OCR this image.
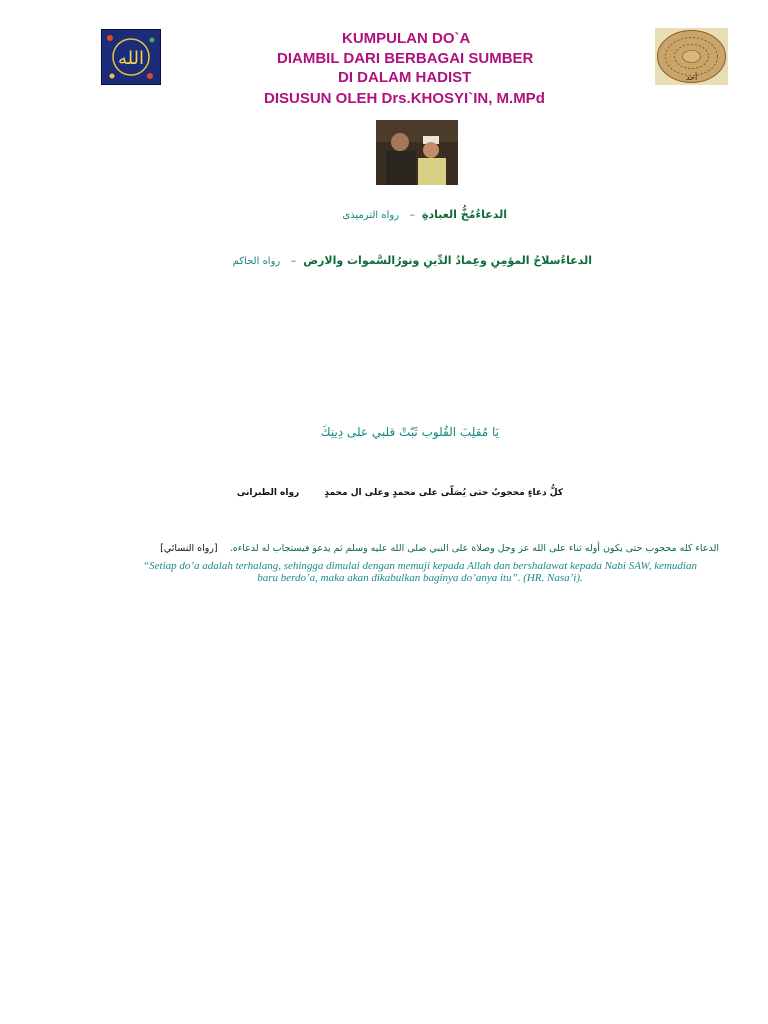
الله
أحد
KUMPULAN DO`A
DIAMBIL DARI BERBAGAI SUMBER
DI DALAM HADIST
DISUSUN OLEH Drs.KHOSYI`IN, M.MPd
الدعاءُمُخُّ العبادةِ  –   رواه الترميذى
الدعاءُسلاحُ المؤمِنِ وعِمادُ الدِّينِ ونورُالسَّموات والارض  –   رواه الحاكم
يَا مُقلِبَ القُلوب ثَبّتْ قلبي على دِينِكَ
كلُّ دعاءٍ محجوبٌ حتى يُصَلّى على محمدٍ وعلى ال محمدٍ        رواه الطبرانى
الدعاء كله محجوب حتى يكون أوله ثناء على الله عز وجل وصلاة على النبي صلى الله عليه وسلم ثم يدعو فيستجاب له لدعاءه.    [رواه النسائي]
“Setiap do’a adalah terhalang, sehingga dimulai dengan memuji kepada Allah dan bershalawat kepada Nabi SAW, kemudian
baru berdo’a, maka akan dikabulkan baginya do’anya itu”. (HR. Nasa’i).
